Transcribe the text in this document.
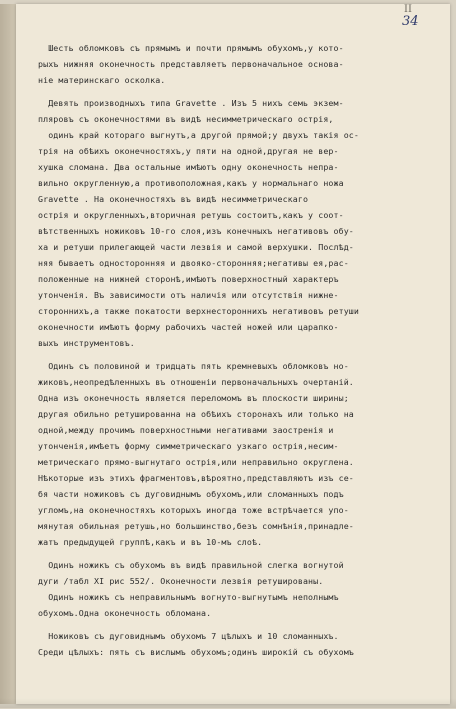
II
34
Шесть обломковъ съ прямымъ и почти прямымъ обухомъ,у кото-
рыхъ нижняя оконечность представляетъ первоначальное основа-
ніе материнскаго осколка.
Девять производныхъ типа Gravette . Изъ 5 нихъ семь экзем-
пляровъ съ оконечностями въ видѣ несимметрическаго острія,
одинъ край котораго выгнутъ,а другой прямой;у двухъ такія ос-
трія на обѣихъ оконечностяхъ,у пяти на одной,другая не вер-
хушка сломана. Два остальные имѣютъ одну оконечность непра-
вильно округленную,а противоположная,какъ у нормальнаго ножа
Gravette . На оконечностяхъ въ видѣ несимметрическаго
острія и округленныхъ,вторичная ретушь состоитъ,какъ у соот-
вѣтственныхъ ножиковъ 10-го слоя,изъ конечныхъ негативовъ обу-
ха и ретуши прилегающей части лезвія и самой верхушки. Послѣд-
няя бываетъ односторонняя и двояко-сторонняя;негативы ея,рас-
положенные на нижней сторонѣ,имѣютъ поверхностный характеръ
утонченія. Въ зависимости отъ наличія или отсутствія нижне-
стороннихъ,а также покатости верхнестороннихъ негативовъ ретуши
оконечности имѣютъ форму рабочихъ частей ножей или царапко-
выхъ инструментовъ.
Одинъ съ половиной и тридцать пять кремневыхъ обломковъ но-
жиковъ,неопредѣленныхъ въ отношеніи первоначальныхъ очертаній.
Одна изъ оконечность является переломомъ въ плоскости ширины;
другая обильно ретушированна на обѣихъ сторонахъ или только на
одной,между прочимъ поверхностными негативами заостренія и
утонченія,имѣетъ форму симметрическаго узкаго острія,несим-
метрическаго прямо-выгнутаго острія,или неправильно округлена.
Нѣкоторые изъ этихъ фрагментовъ,вѣроятно,представляютъ изъ се-
бя части ножиковъ съ дуговиднымъ обухомъ,или сломанныхъ подъ
угломъ,на оконечностяхъ которыхъ иногда тоже встрѣчается упо-
мянутая обильная ретушь,но большинство,безъ сомнѣнія,принадле-
жатъ предыдущей группѣ,какъ и въ 10-мъ слоѣ.
Одинъ ножикъ съ обухомъ въ видѣ правильной слегка вогнутой
дуги /табл XI рис 552/. Оконечности лезвія ретушированы.
Одинъ ножикъ съ неправильнымъ вогнуто-выгнутымъ неполнымъ
обухомъ.Одна оконечность обломана.
Ножиковъ съ дуговиднымъ обухомъ 7 цѣлыхъ и 10 сломанныхъ.
Среди цѣлыхъ: пять съ вислымъ обухомъ;одинъ широкій съ обухомъ
